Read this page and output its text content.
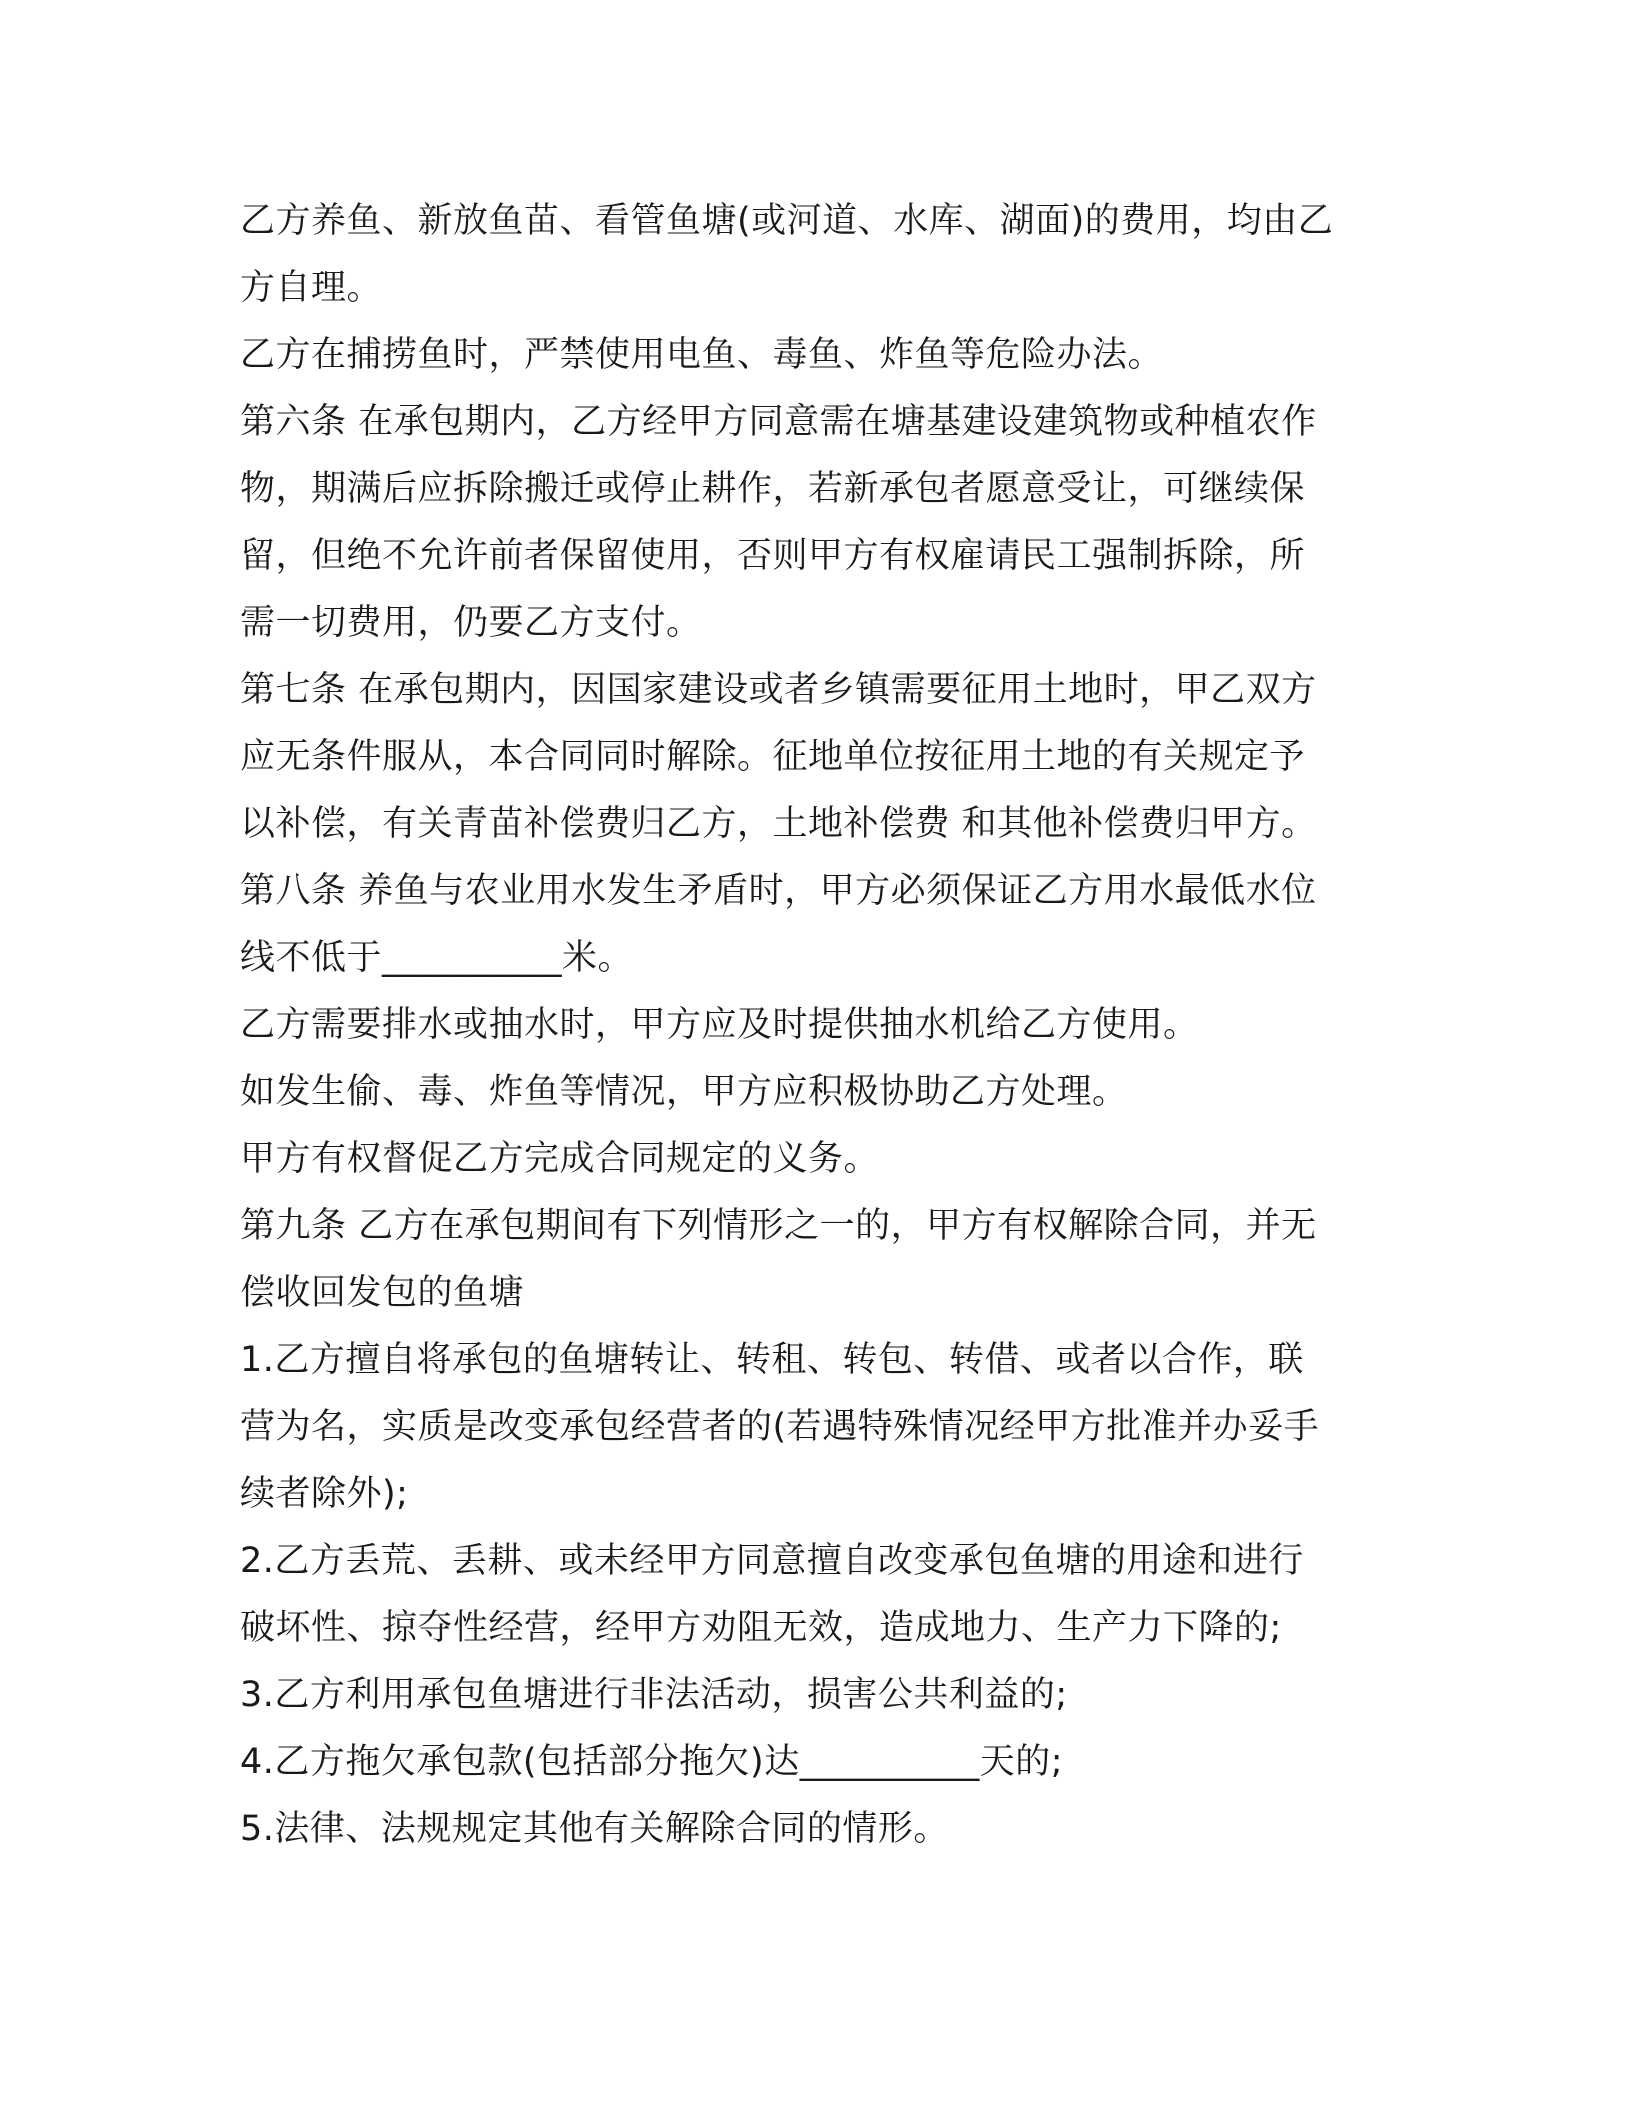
乙方养鱼、新放鱼苗、看管鱼塘(或河道、水库、湖面)的费用，均由乙
方自理。

乙方在捕捞鱼时，严禁使用电鱼、毒鱼、炸鱼等危险办法。

第六条 在承包期内，乙方经甲方同意需在塘基建设建筑物或种植农作
物，期满后应拆除搬迁或停止耕作，若新承包者愿意受让，可继续保
留，但绝不允许前者保留使用，否则甲方有权雇请民工强制拆除，所
需一切费用，仍要乙方支付。

第七条 在承包期内，因国家建设或者乡镇需要征用土地时，甲乙双方
应无条件服从，本合同同时解除。征地单位按征用土地的有关规定予
以补偿，有关青苗补偿费归乙方，土地补偿费 和其他补偿费归甲方。

第八条 养鱼与农业用水发生矛盾时，甲方必须保证乙方用水最低水位
线不低于__________米。

乙方需要排水或抽水时，甲方应及时提供抽水机给乙方使用。

如发生偷、毒、炸鱼等情况，甲方应积极协助乙方处理。

甲方有权督促乙方完成合同规定的义务。

第九条 乙方在承包期间有下列情形之一的，甲方有权解除合同，并无
偿收回发包的鱼塘

1.乙方擅自将承包的鱼塘转让、转租、转包、转借、或者以合作，联
营为名，实质是改变承包经营者的(若遇特殊情况经甲方批准并办妥手
续者除外);

2.乙方丢荒、丢耕、或未经甲方同意擅自改变承包鱼塘的用途和进行
破坏性、掠夺性经营，经甲方劝阻无效，造成地力、生产力下降的;

3.乙方利用承包鱼塘进行非法活动，损害公共利益的;

4.乙方拖欠承包款(包括部分拖欠)达__________天的;

5.法律、法规规定其他有关解除合同的情形。
